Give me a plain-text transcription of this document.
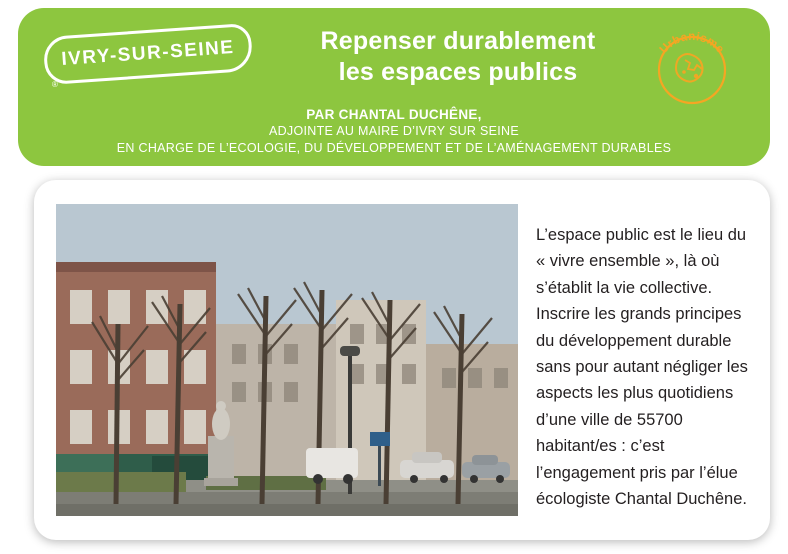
IVRY-SUR-SEINE
®
Repenser durablement
les espaces publics
PAR CHANTAL DUCHÊNE,
ADJOINTE AU MAIRE D’IVRY SUR SEINE
EN CHARGE DE L’ECOLOGIE, DU DÉVELOPPEMENT ET DE L’AMÉNAGEMENT DURABLES
Urbanisme
L’espace public est le lieu du « vivre ensemble », là où s’établit la vie collective. Inscrire les grands principes du développement durable sans pour autant négliger les aspects les plus quotidiens d’une ville de 55700 habitant/es : c’est l’engagement pris par l’élue écologiste Chantal Duchêne.
